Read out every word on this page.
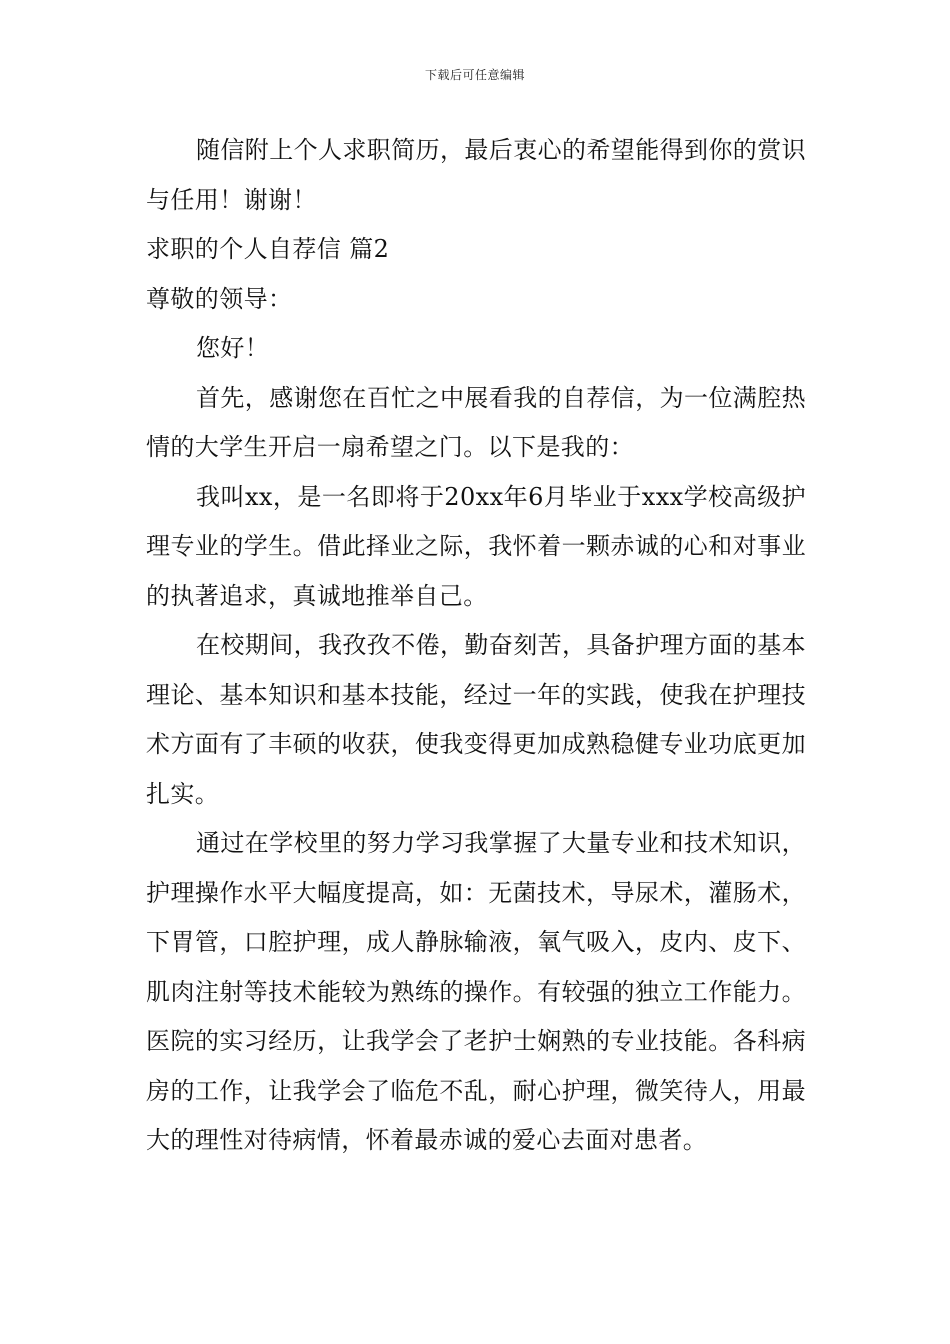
下载后可任意编辑

随信附上个人求职简历，最后衷心的希望能得到你的赏识与任用！谢谢！

求职的个人自荐信 篇2

尊敬的领导：

您好！

首先，感谢您在百忙之中展看我的自荐信，为一位满腔热情的大学生开启一扇希望之门。以下是我的：

我叫xx，是一名即将于20xx年6月毕业于xxx学校高级护理专业的学生。借此择业之际，我怀着一颗赤诚的心和对事业的执著追求，真诚地推举自己。

在校期间，我孜孜不倦，勤奋刻苦，具备护理方面的基本理论、基本知识和基本技能，经过一年的实践，使我在护理技术方面有了丰硕的收获，使我变得更加成熟稳健专业功底更加扎实。

通过在学校里的努力学习我掌握了大量专业和技术知识，护理操作水平大幅度提高，如：无菌技术，导尿术，灌肠术，下胃管，口腔护理，成人静脉输液，氧气吸入，皮内、皮下、肌肉注射等技术能较为熟练的操作。有较强的独立工作能力。医院的实习经历，让我学会了老护士娴熟的专业技能。各科病房的工作，让我学会了临危不乱，耐心护理，微笑待人，用最大的理性对待病情，怀着最赤诚的爱心去面对患者。
